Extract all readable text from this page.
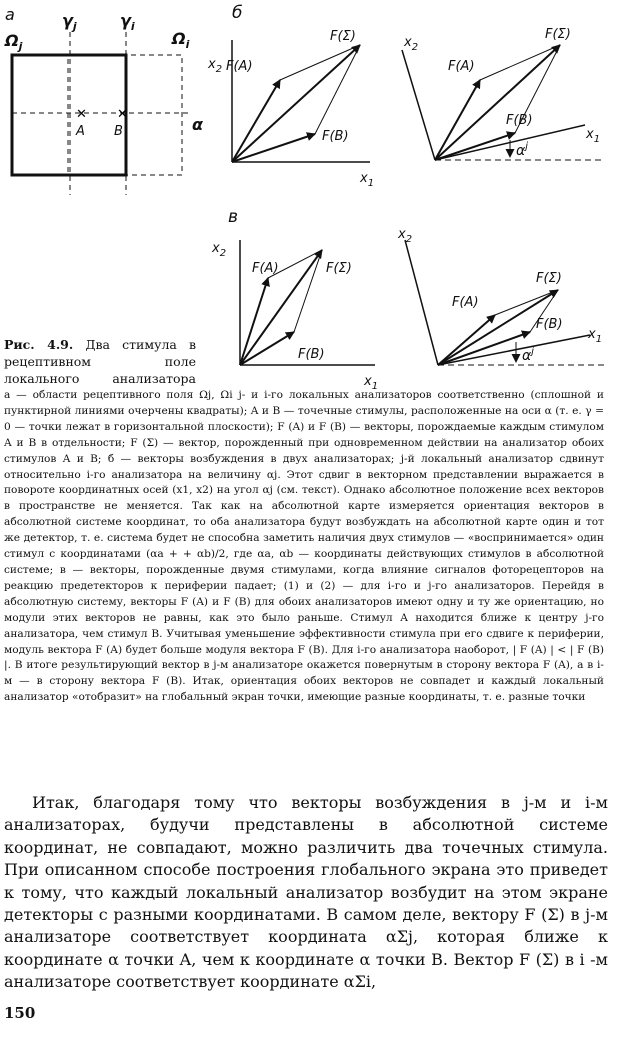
a
$\Omega_j$
$\gamma_j$	$\gamma_i$
$\Omega_i$
✕ ✕
A B	α
б
$x_2$
$x_1$
F(A)
F(B)
F(Σ)	$x_2$
$x_1$
F(A)
F(B)
F(Σ)
$\alpha^j$
в
$x_2$
$x_1$
F(A)
F(B)
F(Σ)
$x_2$
$x_1$
F(A)
F(B)
F(Σ)
$\alpha^j$
Рис. 4.9. Два стимула в рецептивном поле локального анализатора
a — области рецептивного поля Ωj, Ωi j- и i-го локальных анализаторов соответственно (сплошной и пунктирной линиями очерчены квадраты); A и B — точечные стимулы, расположенные на оси α (т. е. γ = 0 — точки лежат в горизонтальной плоскости); F (A) и F (B) — векторы, порождаемые каждым стимулом A и B в отдельности; F (Σ) — вектор, порожденный при одновременном действии на анализатор обоих стимулов A и B; б — векторы возбуждения в двух анализаторах; j-й локальный анализатор сдвинут относительно i-го анализатора на величину αj. Этот сдвиг в векторном представлении выражается в повороте координатных осей (x1, x2) на угол αj (см. текст). Однако абсолютное положение всех векторов в пространстве не меняется. Так как на абсолютной карте измеряется ориентация векторов в абсолютной системе координат, то оба анализатора будут возбуждать на абсолютной карте один и тот же детектор, т. е. система будет не способна заметить наличия двух стимулов — «воспринимается» один стимул с координатами (αa + + αb)/2, где αa, αb — координаты действующих стимулов в абсолютной системе; в — векторы, порожденные двумя стимулами, когда влияние сигналов фоторецепторов на реакцию предетекторов к периферии падает; (1) и (2) — для i-го и j-го анализаторов. Перейдя в абсолютную систему, векторы F (A) и F (B) для обоих анализаторов имеют одну и ту же ориентацию, но модули этих векторов не равны, как это было раньше. Стимул A находится ближе к центру j-го анализатора, чем стимул B. Учитывая уменьшение эффективности стимула при его сдвиге к периферии, модуль вектора F (A) будет больше модуля вектора F (B). Для i-го анализатора наоборот, | F (A) | < | F (B) |. В итоге результирующий вектор в j-м анализаторе окажется повернутым в сторону вектора F (A), а в i-м — в сторону вектора F (B). Итак, ориентация обоих векторов не совпадет и каждый локальный анализатор «отобразит» на глобальный экран точки, имеющие разные координаты, т. е. разные точки
Итак, благодаря тому что векторы возбуждения в j-м и i-м анализаторах, будучи представлены в абсолютной системе координат, не совпадают, можно различить два точечных стимула. При описанном способе построения глобального экрана это приведет к тому, что каждый локальный анализатор возбудит на этом экране детекторы с разными координатами. В самом деле, вектору F (Σ) в j-м анализаторе соответствует координата αΣj, которая ближе к координате α точки A, чем к координате α точки B. Вектор F (Σ) в i -м анализаторе соответствует координате αΣi,
150
